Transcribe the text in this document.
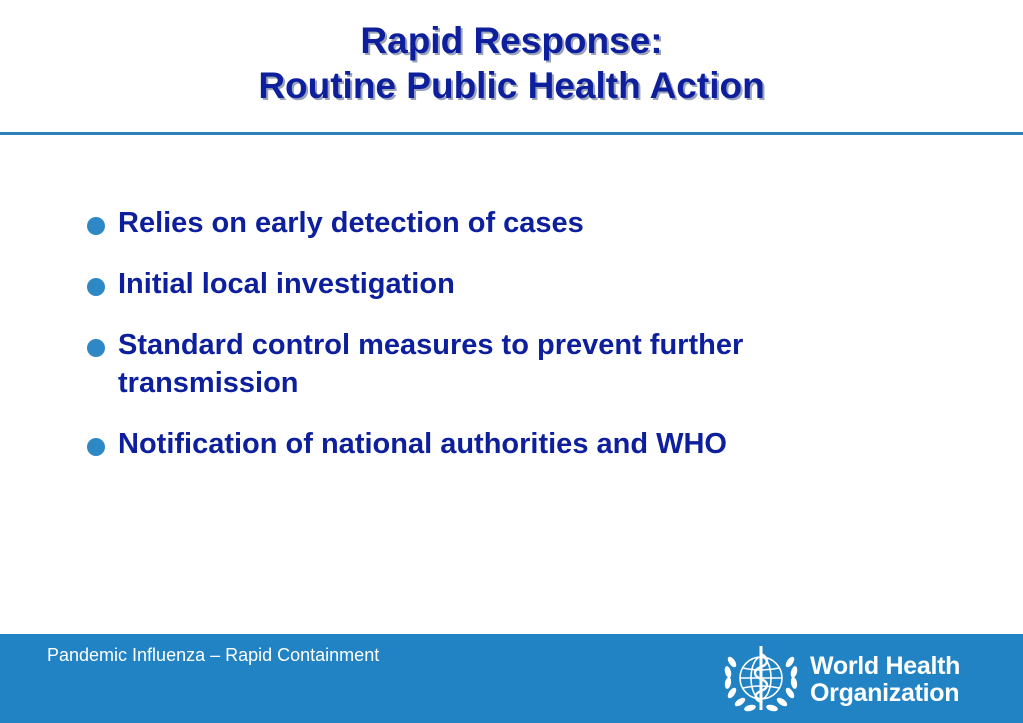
Rapid Response:
Routine Public Health Action
Relies on early detection of cases
Initial local investigation
Standard control measures to prevent further transmission
Notification of national authorities and WHO
Pandemic Influenza – Rapid Containment	World Health
Organization
